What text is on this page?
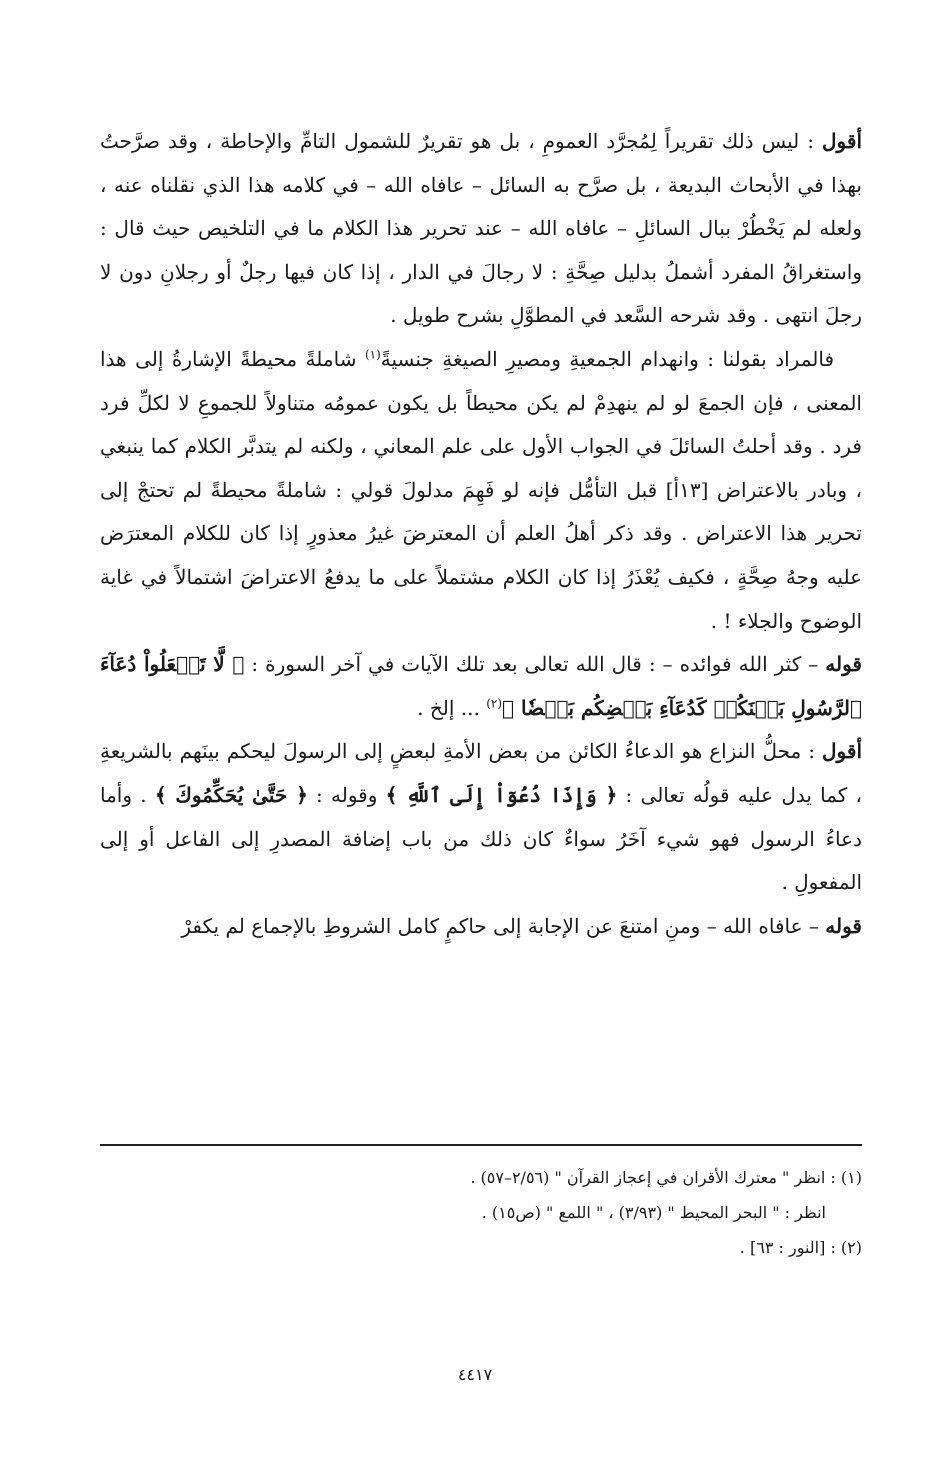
أقول : ليس ذلك تقريراً لِمُجرَّد العمومِ ، بل هو تقريرٌ للشمول التامِّ والإحاطة ، وقد صرَّحتُ بهذا في الأبحاث البديعة ، بل صرَّح به السائل – عافاه الله – في كلامه هذا الذي نقلناه عنه ، ولعله لم يَخْطُرْ ببال السائلِ – عافاه الله – عند تحرير هذا الكلام ما في التلخيص حيث قال : واستغراقُ المفرد أشملُ بدليل صِحَّةِ : لا رجالَ في الدار ، إذا كان فيها رجلٌ أو رجلانِ دون لا رجلَ انتهى . وقد شرحه السَّعد في المطوَّلِ بشرح طويل .

فالمراد بقولنا : وانهدام الجمعيةِ ومصيرِ الصيغةِ جنسيةً$^{(١)}$ شاملةً محيطةً الإشارةُ إلى هذا المعنى ، فإن الجمعَ لو لم ينهدِمْ لم يكن محيطاً بل يكون عمومُه متناولاً للجموعِ لا لكلِّ فرد فرد . وقد أحلتُ السائلَ في الجواب الأول على علم المعاني ، ولكنه لم يتدبَّر الكلام كما ينبغي ، وبادر بالاعتراض [١٣أ] قبل التأمُّل فإنه لو فَهِمَ مدلولَ قولي : شاملةً محيطةً لم تحتجْ إلى تحرير هذا الاعتراض . وقد ذكر أهلُ العلم أن المعترضَ غيرُ معذورٍ إذا كان للكلام المعترَض عليه وجهُ صِحَّةٍ ، فكيف يُعْذَرُ إذا كان الكلام مشتملاً على ما يدفعُ الاعتراضَ اشتمالاً في غاية الوضوح والجلاء ! .

قوله – كثر الله فوائده – : قال الله تعالى بعد تلك الآيات في آخر السورة : ﴿ لَّا تَجۡعَلُواْ دُعَآءَ ٱلرَّسُولِ بَيۡنَكُمۡ كَدُعَآءِ بَعۡضِكُم بَعۡضٗا ﴾$^{(٢)}$ ... إلخ .

أقول : محلُّ النزاع هو الدعاءُ الكائن من بعض الأمةِ لبعضٍ إلى الرسولَ ليحكم بينَهم بالشريعةِ ، كما يدل عليه قولُه تعالى : ﴿ وَإِذَا دُعُوٓاْ إِلَى ٱللَّهِ ﴾ وقوله : ﴿ حَتَّىٰ يُحَكِّمُوكَ ﴾ . وأما دعاءُ الرسول فهو شيء آخَرُ سواءٌ كان ذلك من باب إضافة المصدرِ إلى الفاعل أو إلى المفعولِ .

قوله – عافاه الله – ومنِ امتنعَ عن الإجابة إلى حاكمٍ كامل الشروطِ بالإجماع لم يكفرْ

(١) : انظر " معترك الأقران في إعجاز القرآن " (٢/٥٦–٥٧) .

انظر : " البحر المحيط " (٣/٩٣) ، " اللمع " (ص١٥) .

(٢) : [النور : ٦٣] .

٤٤١٧
